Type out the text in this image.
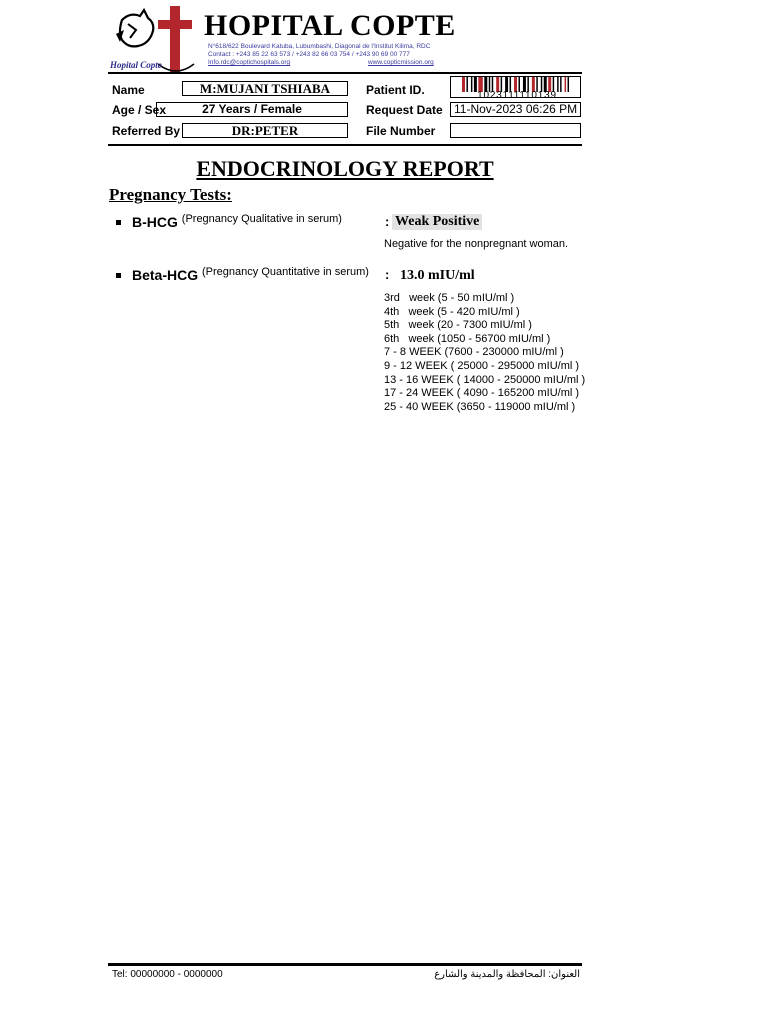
HOPITAL COPTE
N°618/622 Boulevard Katuba, Lubumbashi, Diagonal de l'Institut Kilima, RDC
Contact : +243 85 22 63 573 / +243 82 66 03 754 / +243 90 69 00 777
Info.rdc@coptichospitals.org	www.copticmission.org
Hopital Copte
Name	M:MUJANI TSHIABA	Patient ID.	1023111110139
Age / Sex	27 Years / Female	Request Date 11-Nov-2023 06:26 PM
Referred By	DR:PETER	File Number
ENDOCRINOLOGY REPORT
Pregnancy Tests:
B-HCG $^{(Pregnancy Qualitative in serum)}$	: Weak Positive
Negative for the nonpregnant woman.
Beta-HCG $^{(Pregnancy Quantitative in serum)}$ : 13.0 mIU/ml
3rd   week (5 - 50 mIU/ml )
4th   week (5 - 420 mIU/ml )
5th   week (20 - 7300 mIU/ml )
6th   week (1050 - 56700 mIU/ml )
7 - 8 WEEK (7600 - 230000 mIU/ml )
9 - 12 WEEK ( 25000 - 295000 mIU/ml )
13 - 16 WEEK ( 14000 - 250000 mIU/ml )
17 - 24 WEEK ( 4090 - 165200 mIU/ml )
25 - 40 WEEK (3650 - 119000 mIU/ml )
Tel: 00000000 - 0000000	العنوان: المحافظة والمدينة والشارع
